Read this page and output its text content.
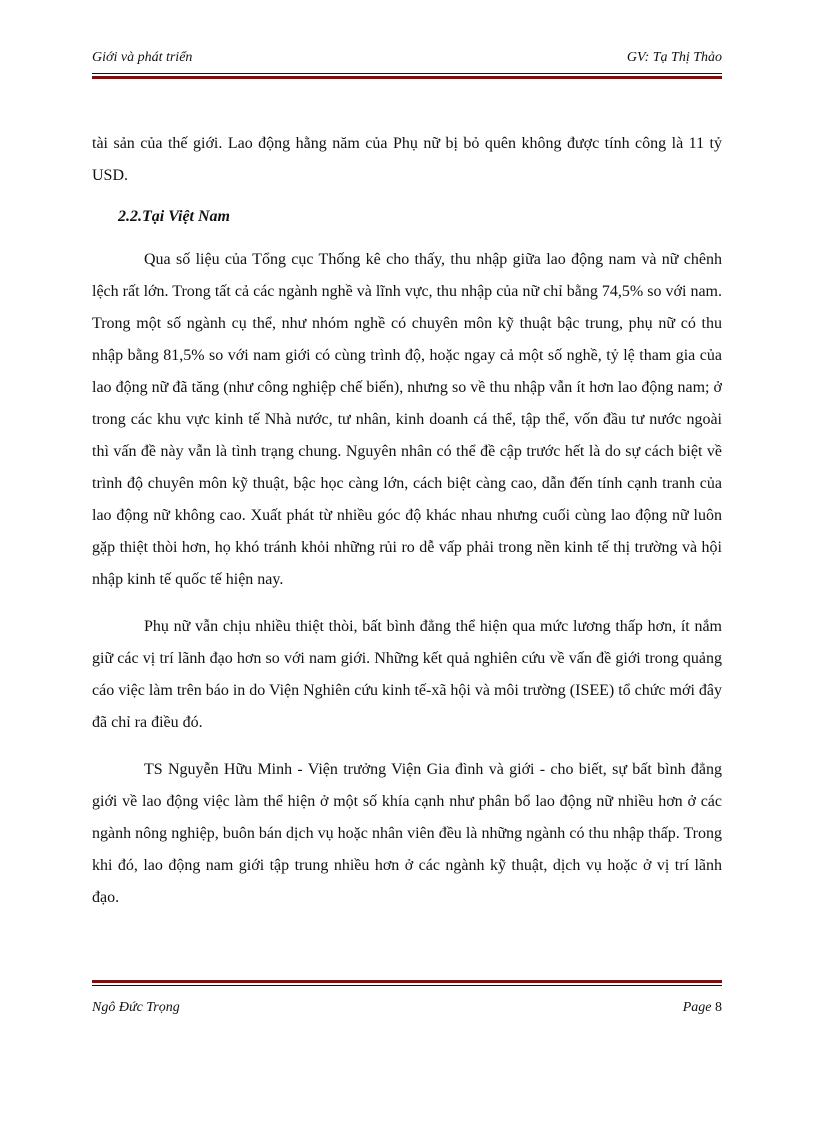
Giới và phát triển	GV: Tạ Thị Thảo

tài sản của thế giới. Lao động hằng năm của Phụ nữ bị bỏ quên không được tính công là 11 tỷ USD.

2.2.Tại Việt Nam

Qua số liệu của Tổng cục Thống kê cho thấy, thu nhập giữa lao động nam và nữ chênh lệch rất lớn. Trong tất cả các ngành nghề và lĩnh vực, thu nhập của nữ chỉ bằng 74,5% so với nam. Trong một số ngành cụ thể, như nhóm nghề có chuyên môn kỹ thuật bậc trung, phụ nữ có thu nhập bằng 81,5% so với nam giới có cùng trình độ, hoặc ngay cả một số nghề, tỷ lệ tham gia của lao động nữ đã tăng (như công nghiệp chế biến), nhưng so về thu nhập vẫn ít hơn lao động nam; ở trong các khu vực kinh tế Nhà nước, tư nhân, kinh doanh cá thể, tập thể, vốn đầu tư nước ngoài thì vấn đề này vẫn là tình trạng chung. Nguyên nhân có thể đề cập trước hết là do sự cách biệt về trình độ chuyên môn kỹ thuật, bậc học càng lớn, cách biệt càng cao, dẫn đến tính cạnh tranh của lao động nữ không cao. Xuất phát từ nhiều góc độ khác nhau nhưng cuối cùng lao động nữ luôn gặp thiệt thòi hơn, họ khó tránh khỏi những rủi ro dễ vấp phải trong nền kinh tế thị trường và hội nhập kinh tế quốc tế hiện nay.

Phụ nữ vẫn chịu nhiều thiệt thòi, bất bình đẳng thể hiện qua mức lương thấp hơn, ít nắm giữ các vị trí lãnh đạo hơn so với nam giới. Những kết quả nghiên cứu về vấn đề giới trong quảng cáo việc làm trên báo in do Viện Nghiên cứu kinh tế-xã hội và môi trường (ISEE) tổ chức mới đây đã chỉ ra điều đó.

TS Nguyễn Hữu Minh - Viện trưởng Viện Gia đình và giới - cho biết, sự bất bình đẳng giới về lao động việc làm thể hiện ở một số khía cạnh như phân bổ lao động nữ nhiều hơn ở các ngành nông nghiệp, buôn bán dịch vụ hoặc nhân viên đều là những ngành có thu nhập thấp. Trong khi đó, lao động nam giới tập trung nhiều hơn ở các ngành kỹ thuật, dịch vụ hoặc ở vị trí lãnh đạo.

Ngô Đức Trọng	Page 8
